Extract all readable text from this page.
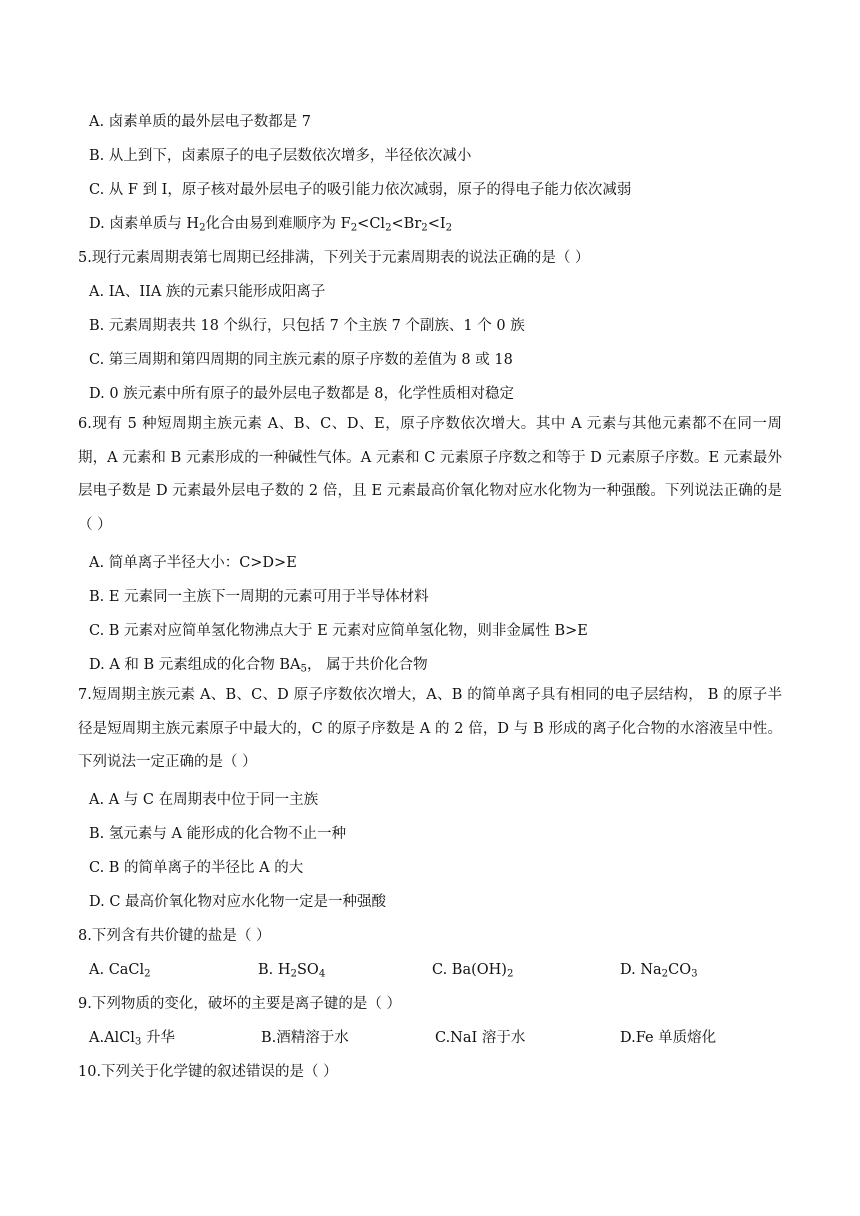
A. 卤素单质的最外层电子数都是 7
B. 从上到下，卤素原子的电子层数依次增多，半径依次减小
C. 从 F 到 I，原子核对最外层电子的吸引能力依次减弱，原子的得电子能力依次减弱
D. 卤素单质与 $H_2$化合由易到难顺序为 $F_2<Cl_2<Br_2<I_2$
5.现行元素周期表第七周期已经排满，下列关于元素周期表的说法正确的是（ ）
A. IA、IIA 族的元素只能形成阳离子
B. 元素周期表共 18 个纵行，只包括 7 个主族 7 个副族、1 个 0 族
C. 第三周期和第四周期的同主族元素的原子序数的差值为 8 或 18
D. 0 族元素中所有原子的最外层电子数都是 8，化学性质相对稳定
6.现有 5 种短周期主族元素 A、B、C、D、E，原子序数依次增大。其中 A 元素与其他元素都不在同一周期，A 元素和 B 元素形成的一种碱性气体。A 元素和 C 元素原子序数之和等于 D 元素原子序数。E 元素最外层电子数是 D 元素最外层电子数的 2 倍，且 E 元素最高价氧化物对应水化物为一种强酸。下列说法正确的是（ ）
A. 简单离子半径大小：C>D>E
B. E 元素同一主族下一周期的元素可用于半导体材料
C. B 元素对应简单氢化物沸点大于 E 元素对应简单氢化物，则非金属性 B>E
D. A 和 B 元素组成的化合物 $BA_5$， 属于共价化合物
7.短周期主族元素 A、B、C、D 原子序数依次增大，A、B 的简单离子具有相同的电子层结构， B 的原子半径是短周期主族元素原子中最大的，C 的原子序数是 A 的 2 倍，D 与 B 形成的离子化合物的水溶液呈中性。下列说法一定正确的是（ ）
A. A 与 C 在周期表中位于同一主族
B. 氢元素与 A 能形成的化合物不止一种
C. B 的简单离子的半径比 A 的大
D. C 最高价氧化物对应水化物一定是一种强酸
8.下列含有共价键的盐是（ ）
A. CaCl$_2$	B. $H_2SO_4$	C. $Ba(OH)_2$	D. $Na_2CO_3$
9.下列物质的变化，破坏的主要是离子键的是（ ）
A.AlCl$_3$ 升华	B.酒精溶于水	C.NaI 溶于水	D.Fe 单质熔化
10.下列关于化学键的叙述错误的是（ ）
